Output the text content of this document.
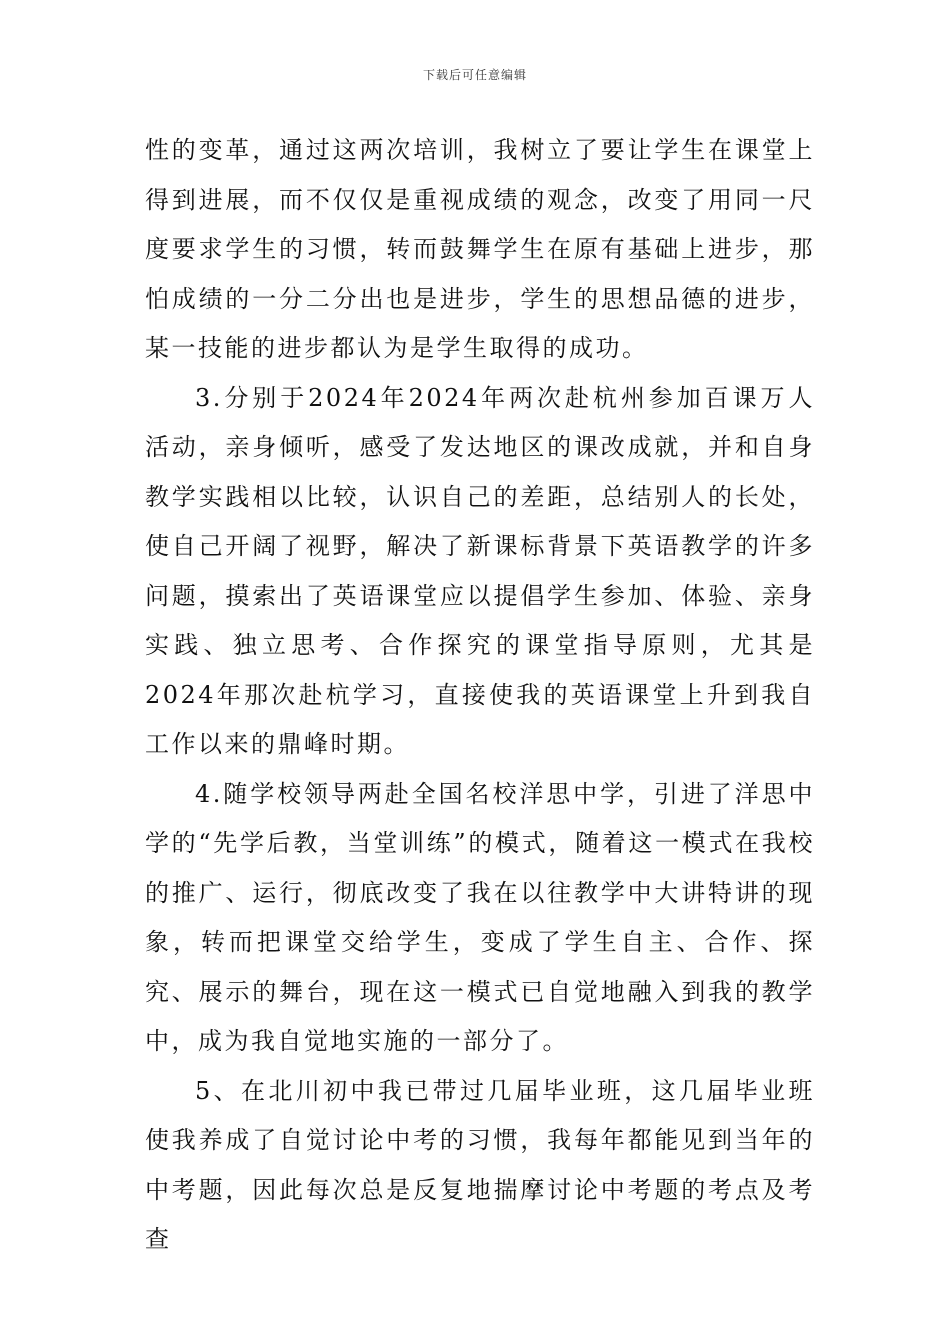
下载后可任意编辑

性的变革，通过这两次培训，我树立了要让学生在课堂上得到进展，而不仅仅是重视成绩的观念，改变了用同一尺度要求学生的习惯，转而鼓舞学生在原有基础上进步，那怕成绩的一分二分出也是进步，学生的思想品德的进步，某一技能的进步都认为是学生取得的成功。

3.分别于2024年2024年两次赴杭州参加百课万人活动，亲身倾听，感受了发达地区的课改成就，并和自身教学实践相以比较，认识自己的差距，总结别人的长处，使自己开阔了视野，解决了新课标背景下英语教学的许多问题，摸索出了英语课堂应以提倡学生参加、体验、亲身实践、独立思考、合作探究的课堂指导原则，尤其是2024年那次赴杭学习，直接使我的英语课堂上升到我自工作以来的鼎峰时期。

4.随学校领导两赴全国名校洋思中学，引进了洋思中学的“先学后教，当堂训练”的模式，随着这一模式在我校的推广、运行，彻底改变了我在以往教学中大讲特讲的现象，转而把课堂交给学生，变成了学生自主、合作、探究、展示的舞台，现在这一模式已自觉地融入到我的教学中，成为我自觉地实施的一部分了。

5、在北川初中我已带过几届毕业班，这几届毕业班使我养成了自觉讨论中考的习惯，我每年都能见到当年的中考题，因此每次总是反复地揣摩讨论中考题的考点及考查
